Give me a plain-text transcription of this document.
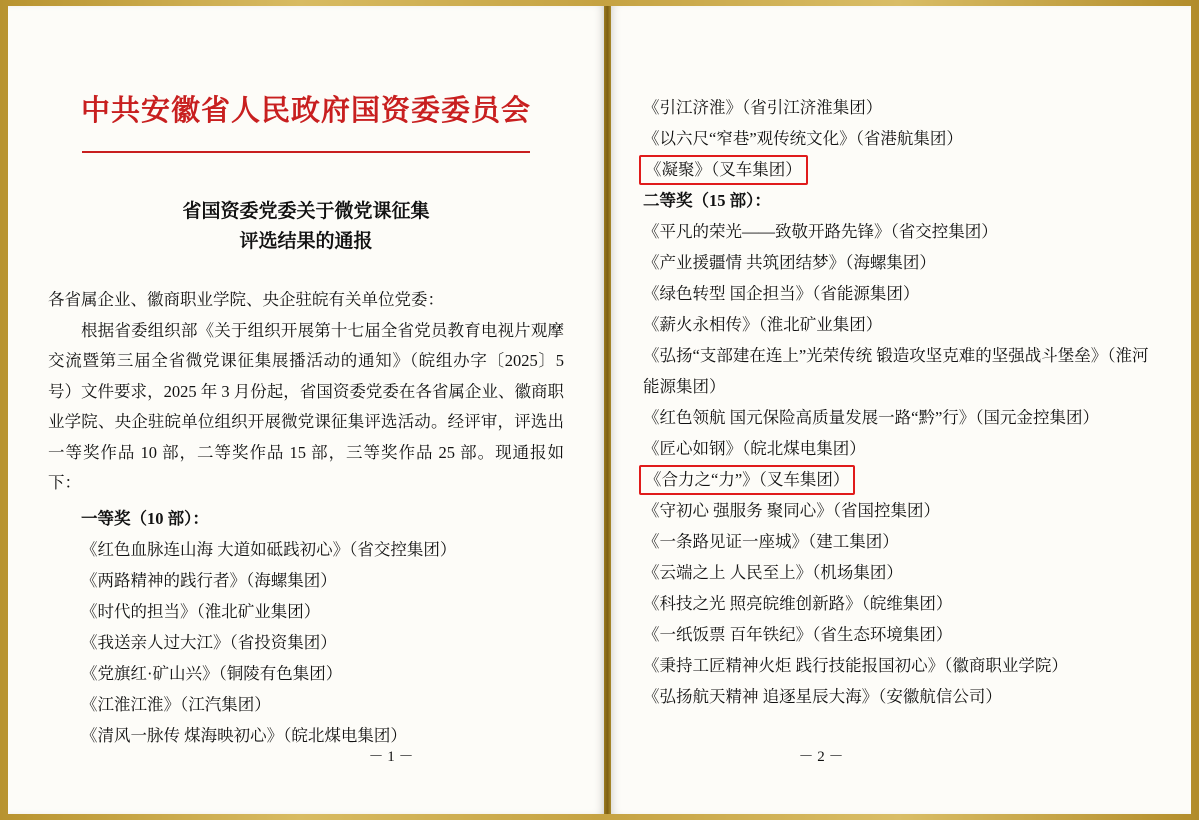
中共安徽省人民政府国资委委员会
省国资委党委关于微党课征集
评选结果的通报
各省属企业、徽商职业学院、央企驻皖有关单位党委：
根据省委组织部《关于组织开展第十七届全省党员教育电视片观摩交流暨第三届全省微党课征集展播活动的通知》（皖组办字〔2025〕5 号）文件要求，2025 年 3 月份起，省国资委党委在各省属企业、徽商职业学院、央企驻皖单位组织开展微党课征集评选活动。经评审，评选出一等奖作品 10 部，二等奖作品 15 部，三等奖作品 25 部。现通报如下：
一等奖（10 部）：
《红色血脉连山海 大道如砥践初心》（省交控集团）
《两路精神的践行者》（海螺集团）
《时代的担当》（淮北矿业集团）
《我送亲人过大江》（省投资集团）
《党旗红·矿山兴》（铜陵有色集团）
《江淮江淮》（江汽集团）
《清风一脉传 煤海映初心》（皖北煤电集团）
－ 1 －
《引江济淮》（省引江济淮集团）
《以六尺“窄巷”观传统文化》（省港航集团）
《凝聚》（叉车集团）
二等奖（15 部）：
《平凡的荣光——致敬开路先锋》（省交控集团）
《产业援疆情 共筑团结梦》（海螺集团）
《绿色转型 国企担当》（省能源集团）
《薪火永相传》（淮北矿业集团）
《弘扬“支部建在连上”光荣传统 锻造攻坚克难的坚强战斗堡垒》（淮河能源集团）
《红色领航 国元保险高质量发展一路“黔”行》（国元金控集团）
《匠心如钢》（皖北煤电集团）
《合力之“力”》（叉车集团）
《守初心 强服务 聚同心》（省国控集团）
《一条路见证一座城》（建工集团）
《云端之上 人民至上》（机场集团）
《科技之光 照亮皖维创新路》（皖维集团）
《一纸饭票 百年铁纪》（省生态环境集团）
《秉持工匠精神火炬 践行技能报国初心》（徽商职业学院）
《弘扬航天精神 追逐星辰大海》（安徽航信公司）
－ 2 －
